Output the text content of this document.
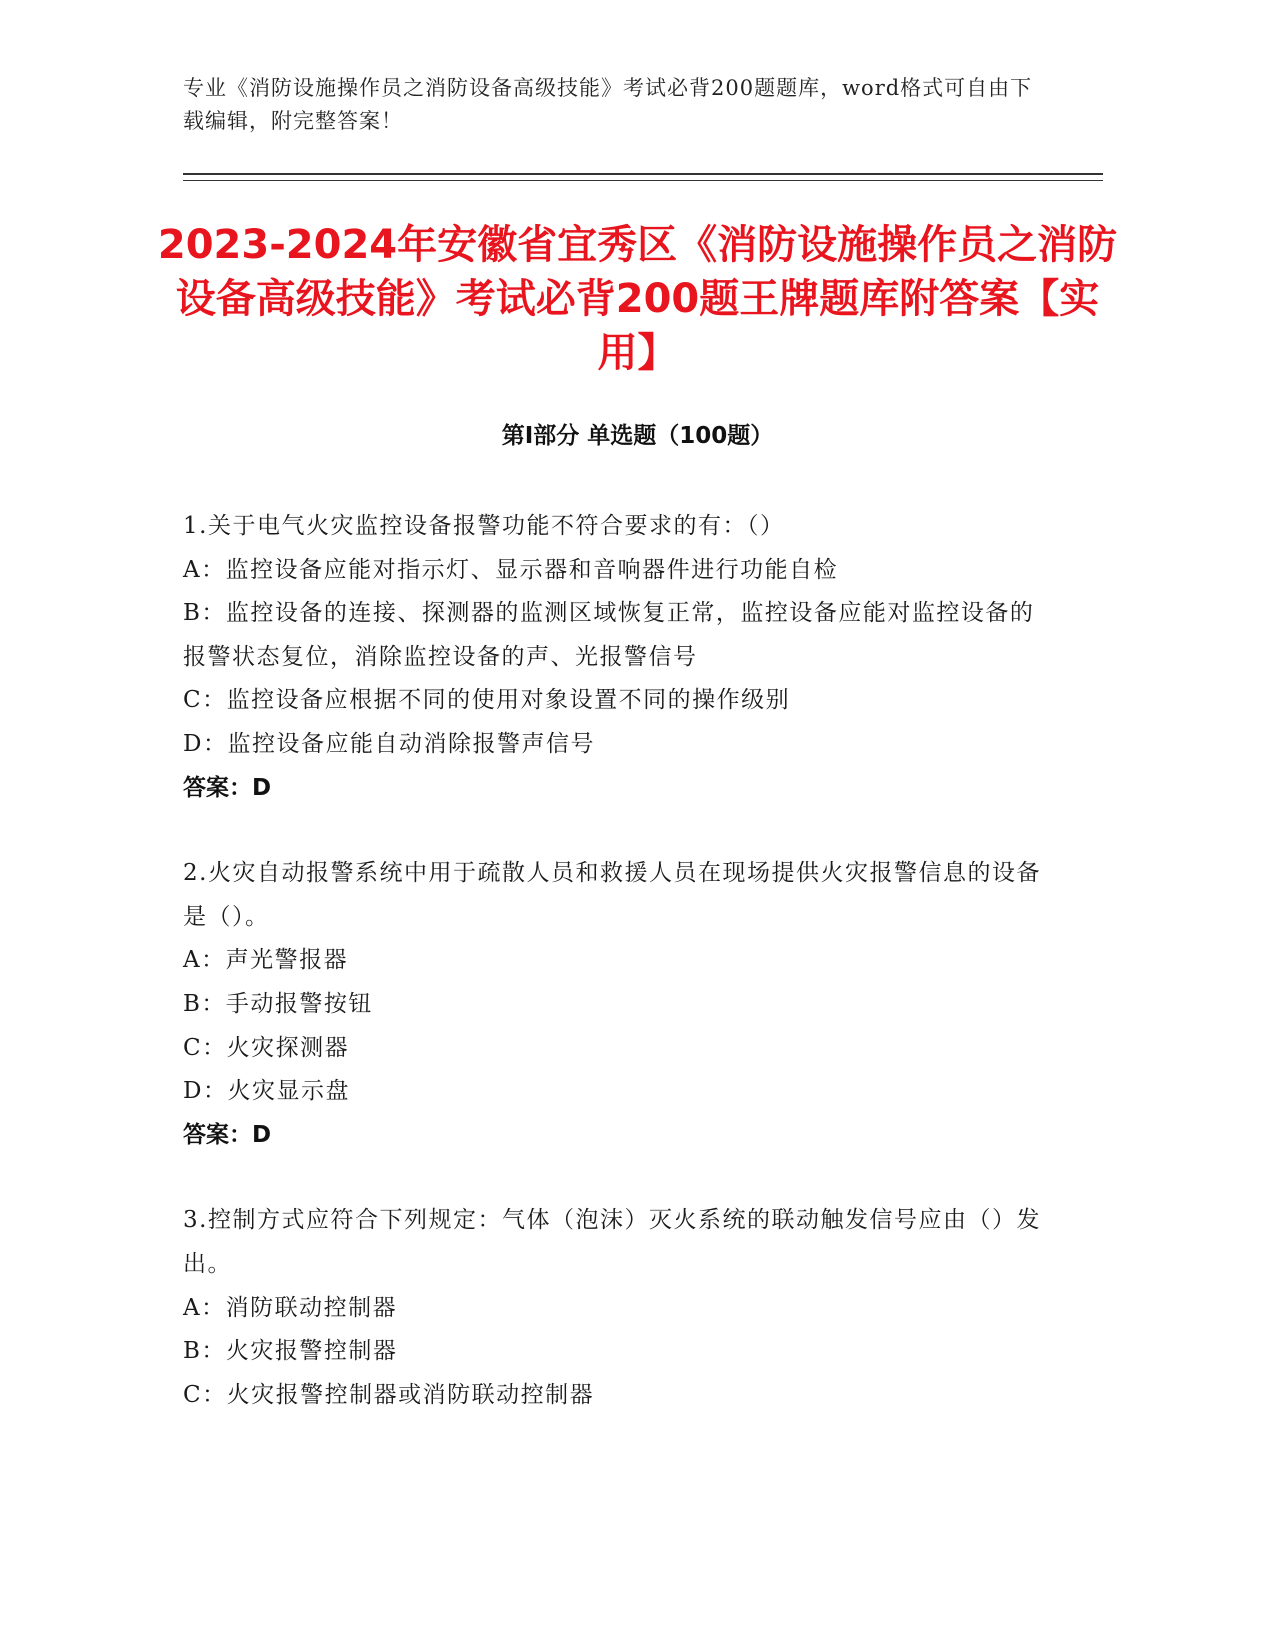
专业《消防设施操作员之消防设备高级技能》考试必背200题题库，word格式可自由下载编辑，附完整答案！
2023-2024年安徽省宜秀区《消防设施操作员之消防设备高级技能》考试必背200题王牌题库附答案【实用】
第Ⅰ部分 单选题（100题）

1.关于电气火灾监控设备报警功能不符合要求的有：（）

A：监控设备应能对指示灯、显示器和音响器件进行功能自检

B：监控设备的连接、探测器的监测区域恢复正常，监控设备应能对监控设备的报警状态复位，消除监控设备的声、光报警信号

C：监控设备应根据不同的使用对象设置不同的操作级别

D：监控设备应能自动消除报警声信号

答案：D

2.火灾自动报警系统中用于疏散人员和救援人员在现场提供火灾报警信息的设备是（）。

A：声光警报器

B：手动报警按钮

C：火灾探测器

D：火灾显示盘

答案：D

3.控制方式应符合下列规定：气体（泡沫）灭火系统的联动触发信号应由（）发出。

A：消防联动控制器

B：火灾报警控制器

C：火灾报警控制器或消防联动控制器
